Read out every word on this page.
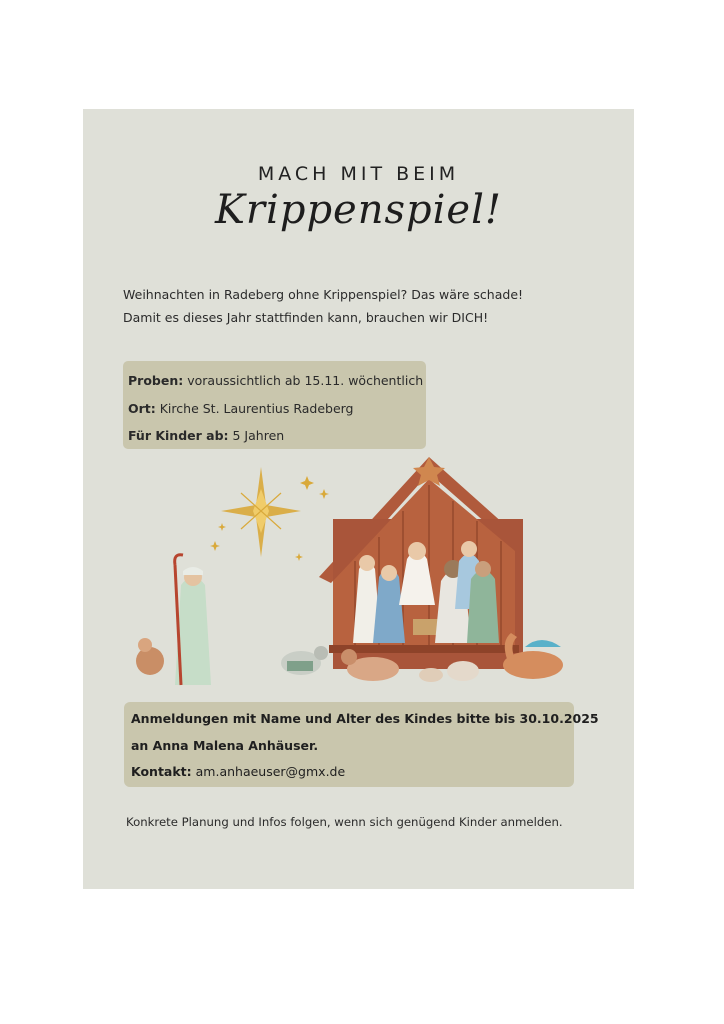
MACH MIT BEIM
Krippenspiel!
Weihnachten in Radeberg ohne Krippenspiel? Das wäre schade!
Damit es dieses Jahr stattfinden kann, brauchen wir DICH!
Proben: voraussichtlich ab 15.11. wöchentlich
Ort: Kirche St. Laurentius Radeberg
Für Kinder ab: 5 Jahren
Anmeldungen mit Name und Alter des Kindes bitte bis 30.10.2025
an Anna Malena Anhäuser.
Kontakt: am.anhaeuser@gmx.de
Konkrete Planung und Infos folgen, wenn sich genügend Kinder anmelden.
